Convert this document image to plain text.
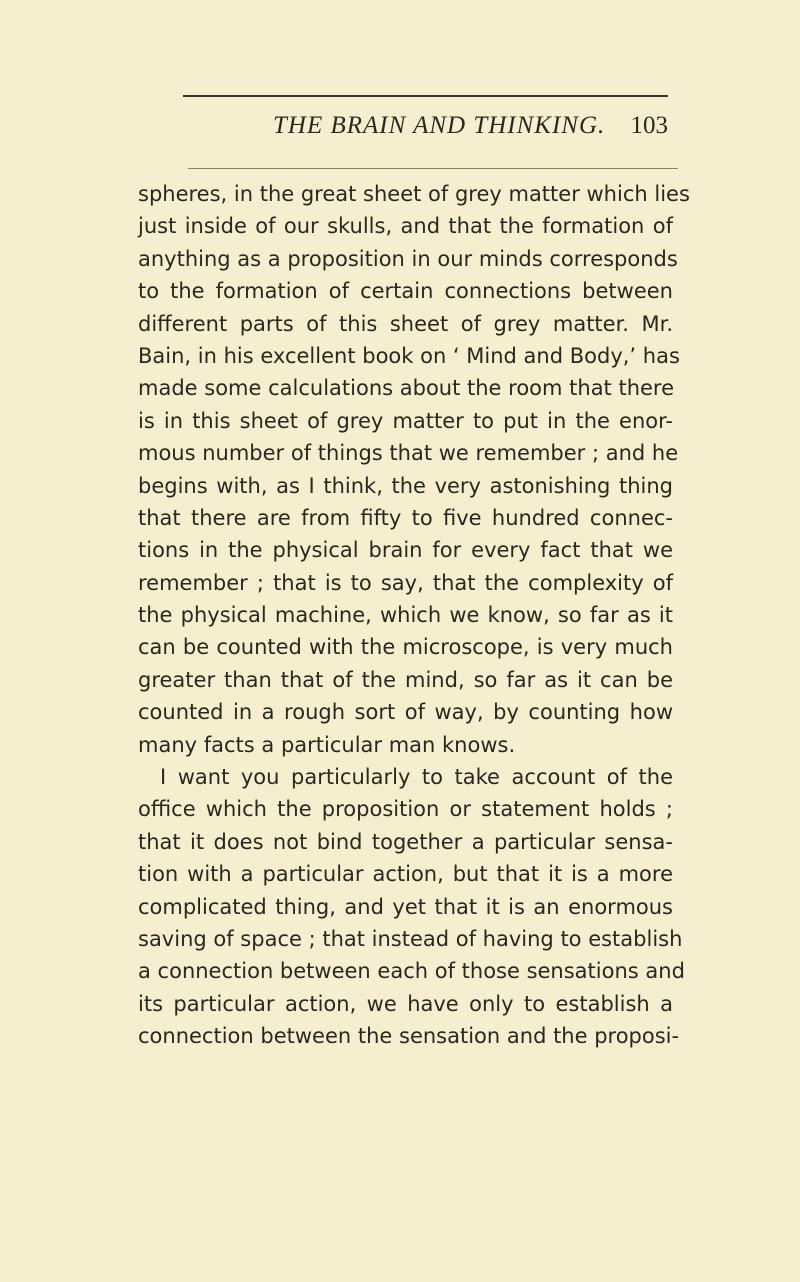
THE BRAIN AND THINKING. 103
spheres, in the great sheet of grey matter which lies
just inside of our skulls, and that the formation of
anything as a proposition in our minds corresponds
to the formation of certain connections between
different parts of this sheet of grey matter. Mr.
Bain, in his excellent book on ‘ Mind and Body,’ has
made some calculations about the room that there
is in this sheet of grey matter to put in the enor-
mous number of things that we remember ; and he
begins with, as I think, the very astonishing thing
that there are from fifty to five hundred connec-
tions in the physical brain for every fact that we
remember ; that is to say, that the complexity of
the physical machine, which we know, so far as it
can be counted with the microscope, is very much
greater than that of the mind, so far as it can be
counted in a rough sort of way, by counting how
many facts a particular man knows.
I want you particularly to take account of the
office which the proposition or statement holds ;
that it does not bind together a particular sensa-
tion with a particular action, but that it is a more
complicated thing, and yet that it is an enormous
saving of space ; that instead of having to establish
a connection between each of those sensations and
its particular action, we have only to establish a
connection between the sensation and the proposi-
